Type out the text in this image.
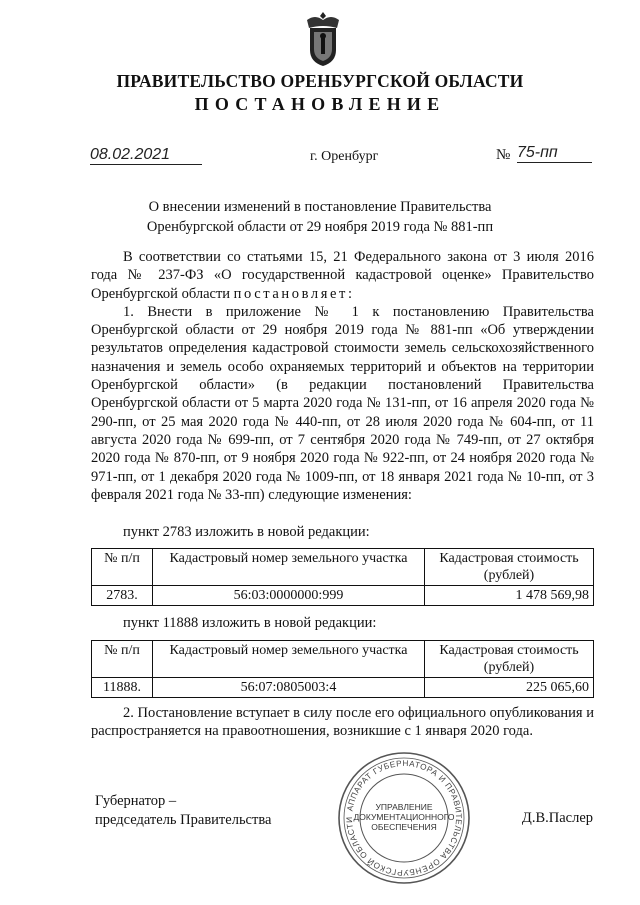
ПРАВИТЕЛЬСТВО ОРЕНБУРГСКОЙ ОБЛАСТИ
ПОСТАНОВЛЕНИЕ
08.02.2021	г. Оренбург	№ 75-пп
О внесении изменений в постановление Правительства
Оренбургской области от 29 ноября 2019 года № 881-пп

В соответствии со статьями 15, 21 Федерального закона от 3 июля 2016 года № 237-ФЗ «О государственной кадастровой оценке» Правительство Оренбургской области постановляет:

1. Внести в приложение № 1 к постановлению Правительства Оренбургской области от 29 ноября 2019 года № 881-пп «Об утверждении результатов определения кадастровой стоимости земель сельскохозяйственного назначения и земель особо охраняемых территорий и объектов на территории Оренбургской области» (в редакции постановлений Правительства Оренбургской области от 5 марта 2020 года № 131-пп, от 16 апреля 2020 года № 290-пп, от 25 мая 2020 года № 440-пп, от 28 июля 2020 года № 604-пп, от 11 августа 2020 года № 699-пп, от 7 сентября 2020 года № 749-пп, от 27 октября 2020 года № 870-пп, от 9 ноября 2020 года № 922-пп, от 24 ноября 2020 года № 971-пп, от 1 декабря 2020 года № 1009-пп, от 18 января 2021 года № 10-пп, от 3 февраля 2021 года № 33-пп) следующие изменения:

пункт 2783 изложить в новой редакции:
№ п/п	Кадастровый номер земельного участка	Кадастровая стоимость (рублей)
2783.	56:03:0000000:999	1 478 569,98
пункт 11888 изложить в новой редакции:
№ п/п	Кадастровый номер земельного участка	Кадастровая стоимость (рублей)
11888.	56:07:0805003:4	225 065,60

2. Постановление вступает в силу после его официального опубликования и распространяется на правоотношения, возникшие с 1 января 2020 года.

Губернатор –
председатель Правительства
АППАРАТ ГУБЕРНАТОРА И ПРАВИТЕЛЬСТВА ОРЕНБУРГСКОЙ ОБЛАСТИ
УПРАВЛЕНИЕ
ДОКУМЕНТАЦИОННОГО
ОБЕСПЕЧЕНИЯ
Д.В.Паслер
